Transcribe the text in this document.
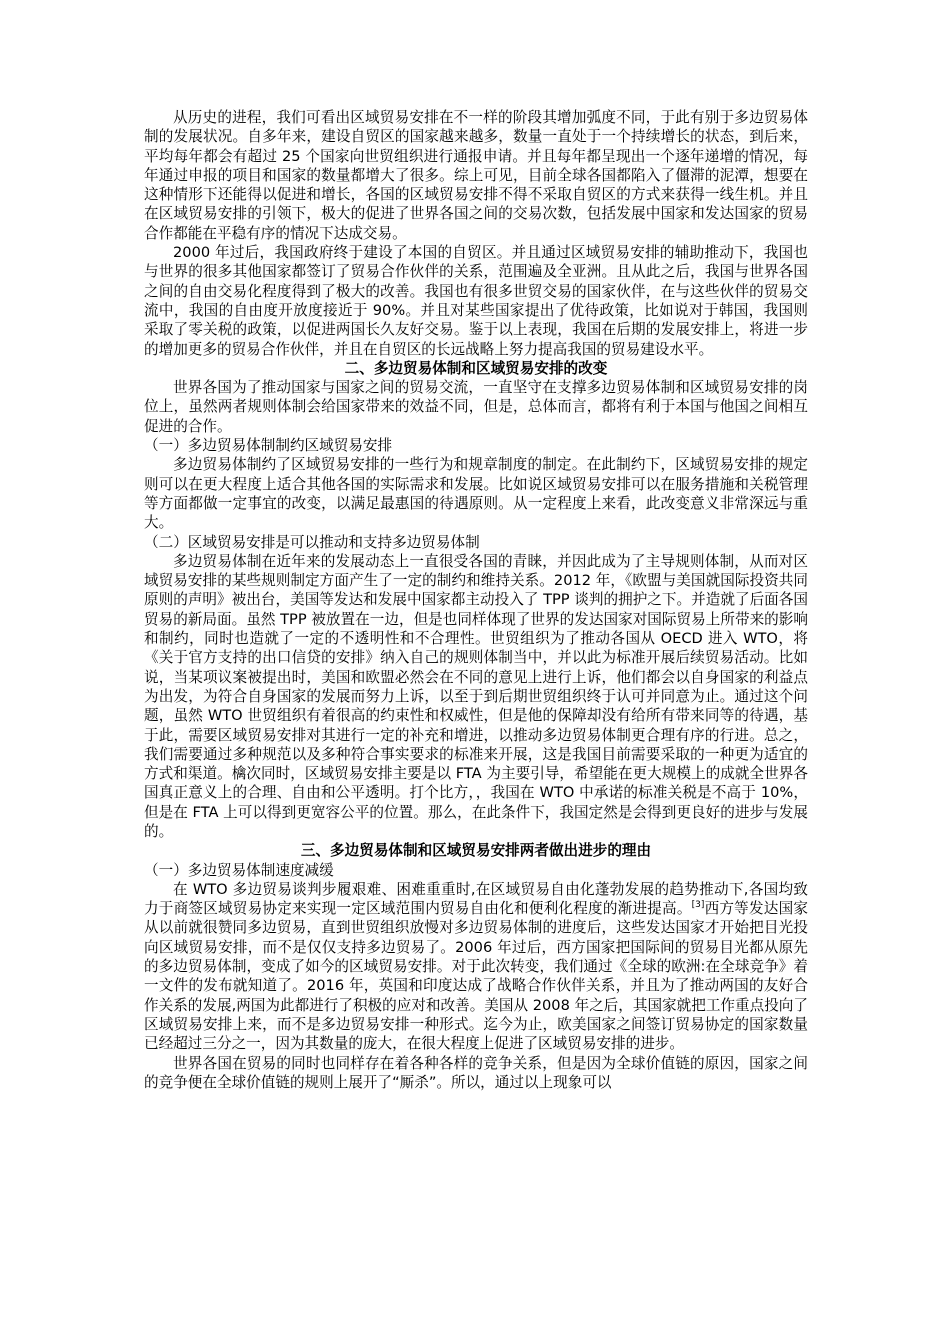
从历史的进程，我们可看出区域贸易安排在不一样的阶段其增加弧度不同，于此有别于多边贸易体制的发展状况。自多年来，建设自贸区的国家越来越多，数量一直处于一个持续增长的状态，到后来，平均每年都会有超过 25 个国家向世贸组织进行通报申请。并且每年都呈现出一个逐年递增的情况，每年通过申报的项目和国家的数量都增大了很多。综上可见，目前全球各国都陷入了僵滞的泥潭，想要在这种情形下还能得以促进和增长，各国的区域贸易安排不得不采取自贸区的方式来获得一线生机。并且在区域贸易安排的引领下，极大的促进了世界各国之间的交易次数，包括发展中国家和发达国家的贸易合作都能在平稳有序的情况下达成交易。

2000 年过后，我国政府终于建设了本国的自贸区。并且通过区域贸易安排的辅助推动下，我国也与世界的很多其他国家都签订了贸易合作伙伴的关系，范围遍及全亚洲。且从此之后，我国与世界各国之间的自由交易化程度得到了极大的改善。我国也有很多世贸交易的国家伙伴，在与这些伙伴的贸易交流中，我国的自由度开放度接近于 90%。并且对某些国家提出了优待政策，比如说对于韩国，我国则采取了零关税的政策，以促进两国长久友好交易。鉴于以上表现，我国在后期的发展安排上，将进一步的增加更多的贸易合作伙伴，并且在自贸区的长远战略上努力提高我国的贸易建设水平。

二、多边贸易体制和区域贸易安排的改变

世界各国为了推动国家与国家之间的贸易交流，一直坚守在支撑多边贸易体制和区域贸易安排的岗位上，虽然两者规则体制会给国家带来的效益不同，但是，总体而言，都将有利于本国与他国之间相互促进的合作。

（一）多边贸易体制制约区域贸易安排

多边贸易体制约了区域贸易安排的一些行为和规章制度的制定。在此制约下，区域贸易安排的规定则可以在更大程度上适合其他各国的实际需求和发展。比如说区域贸易安排可以在服务措施和关税管理等方面都做一定事宜的改变，以满足最惠国的待遇原则。从一定程度上来看，此改变意义非常深远与重大。

（二）区域贸易安排是可以推动和支持多边贸易体制

多边贸易体制在近年来的发展动态上一直很受各国的青睐，并因此成为了主导规则体制，从而对区域贸易安排的某些规则制定方面产生了一定的制约和维持关系。2012 年，《欧盟与美国就国际投资共同原则的声明》被出台，美国等发达和发展中国家都主动投入了 TPP 谈判的拥护之下。并造就了后面各国贸易的新局面。虽然 TPP 被放置在一边，但是也同样体现了世界的发达国家对国际贸易上所带来的影响和制约，同时也造就了一定的不透明性和不合理性。世贸组织为了推动各国从 OECD 进入 WTO，将《关于官方支持的出口信贷的安排》纳入自己的规则体制当中，并以此为标准开展后续贸易活动。比如说，当某项议案被提出时，美国和欧盟必然会在不同的意见上进行上诉，他们都会以自身国家的利益点为出发，为符合自身国家的发展而努力上诉，以至于到后期世贸组织终于认可并同意为止。通过这个问题，虽然 WTO 世贸组织有着很高的约束性和权威性，但是他的保障却没有给所有带来同等的待遇，基于此，需要区域贸易安排对其进行一定的补充和增进，以推动多边贸易体制更合理有序的行进。总之，我们需要通过多种规范以及多种符合事实要求的标准来开展，这是我国目前需要采取的一种更为适宜的方式和渠道。檎次同时，区域贸易安排主要是以 FTA 为主要引导，希望能在更大规模上的成就全世界各国真正意义上的合理、自由和公平透明。打个比方，，我国在 WTO 中承诺的标准关税是不高于 10%，但是在 FTA 上可以得到更宽容公平的位置。那么，在此条件下，我国定然是会得到更良好的进步与发展的。

三、多边贸易体制和区域贸易安排两者做出进步的理由

（一）多边贸易体制速度减缓

在 WTO 多边贸易谈判步履艰难、困难重重时,在区域贸易自由化蓬勃发展的趋势推动下,各国均致力于商签区域贸易协定来实现一定区域范围内贸易自由化和便利化程度的渐进提高。[3]西方等发达国家从以前就很赞同多边贸易，直到世贸组织放慢对多边贸易体制的进度后，这些发达国家才开始把目光投向区域贸易安排，而不是仅仅支持多边贸易了。2006 年过后，西方国家把国际间的贸易目光都从原先的多边贸易体制，变成了如今的区域贸易安排。对于此次转变，我们通过《全球的欧洲:在全球竞争》着一文件的发布就知道了。2016 年，英国和印度达成了战略合作伙伴关系，并且为了推动两国的友好合作关系的发展,两国为此都进行了积极的应对和改善。美国从 2008 年之后，其国家就把工作重点投向了区域贸易安排上来，而不是多边贸易安排一种形式。迄今为止，欧美国家之间签订贸易协定的国家数量已经超过三分之一，因为其数量的庞大，在很大程度上促进了区域贸易安排的进步。

世界各国在贸易的同时也同样存在着各种各样的竞争关系，但是因为全球价值链的原因，国家之间的竞争便在全球价值链的规则上展开了“厮杀”。所以，通过以上现象可以
